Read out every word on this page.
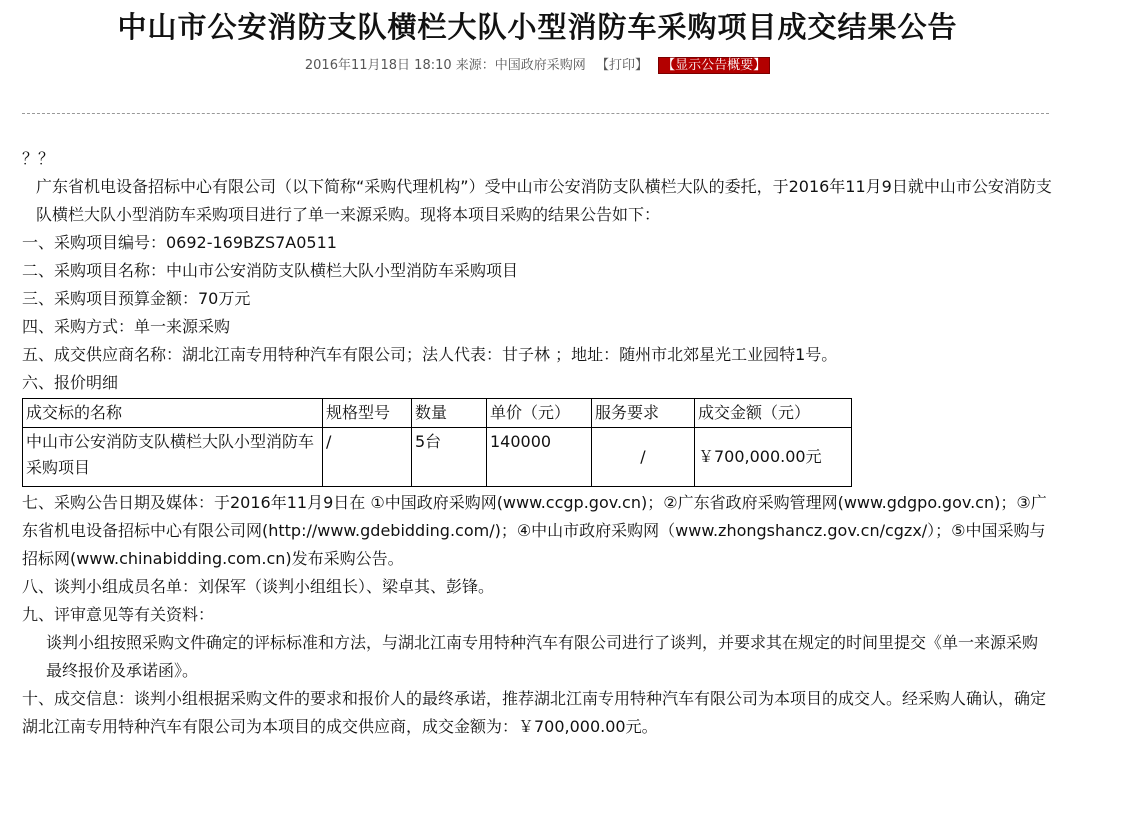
中山市公安消防支队横栏大队小型消防车采购项目成交结果公告
2016年11月18日 18:10 来源：中国政府采购网 【打印】 【显示公告概要】

？？

广东省机电设备招标中心有限公司（以下简称“采购代理机构”）受中山市公安消防支队横栏大队的委托，于2016年11月9日就中山市公安消防支队横栏大队小型消防车采购项目进行了单一来源采购。现将本项目采购的结果公告如下：

一、采购项目编号：0692-169BZS7A0511

二、采购项目名称：中山市公安消防支队横栏大队小型消防车采购项目

三、采购项目预算金额：70万元

四、采购方式：单一来源采购

五、成交供应商名称：湖北江南专用特种汽车有限公司；法人代表：甘子林 ；地址：随州市北郊星光工业园特1号。

六、报价明细

成交标的名称	规格型号	数量	单价（元）	服务要求	成交金额（元）
中山市公安消防支队横栏大队小型消防车采购项目	/	5台	140000	/	￥700,000.00元

七、采购公告日期及媒体：于2016年11月9日在 ①中国政府采购网(www.ccgp.gov.cn)；②广东省政府采购管理网(www.gdgpo.gov.cn)；③广东省机电设备招标中心有限公司网(http://www.gdebidding.com/)；④中山市政府采购网（www.zhongshancz.gov.cn/cgzx/）；⑤中国采购与招标网(www.chinabidding.com.cn)发布采购公告。

八、谈判小组成员名单：刘保军（谈判小组组长）、梁卓其、彭锋。

九、评审意见等有关资料：

谈判小组按照采购文件确定的评标标准和方法，与湖北江南专用特种汽车有限公司进行了谈判，并要求其在规定的时间里提交《单一来源采购最终报价及承诺函》。

十、成交信息：谈判小组根据采购文件的要求和报价人的最终承诺，推荐湖北江南专用特种汽车有限公司为本项目的成交人。经采购人确认，确定湖北江南专用特种汽车有限公司为本项目的成交供应商，成交金额为：￥700,000.00元。
